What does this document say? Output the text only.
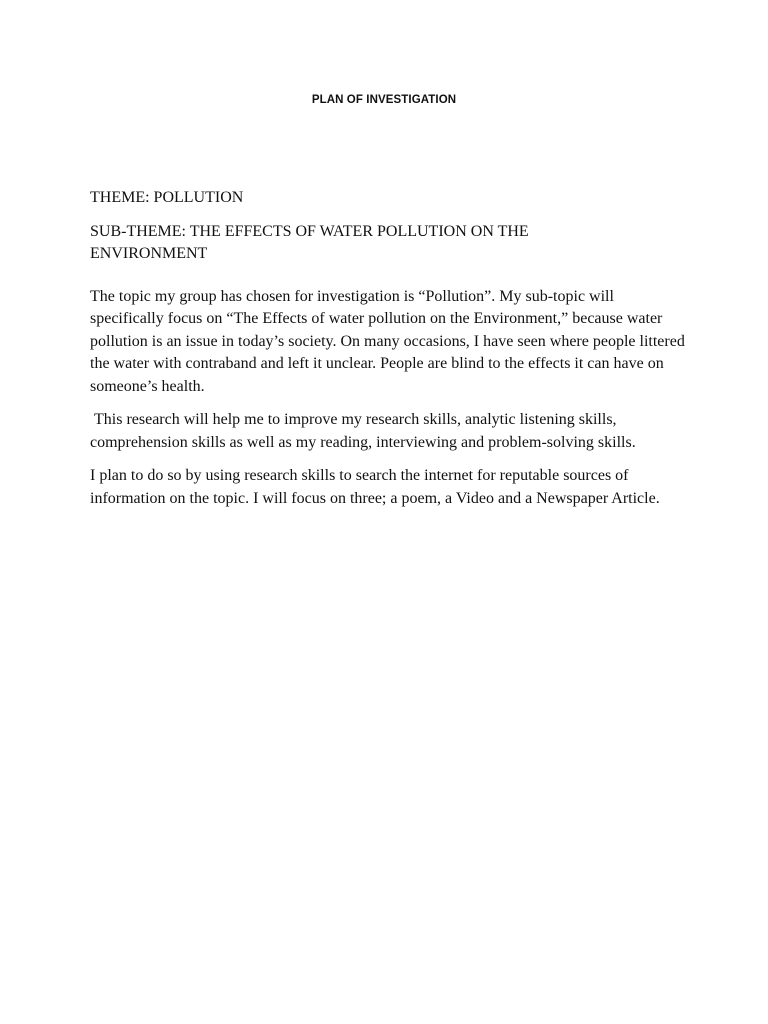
PLAN OF INVESTIGATION

THEME: POLLUTION

SUB-THEME: THE EFFECTS OF WATER POLLUTION ON THE ENVIRONMENT

The topic my group has chosen for investigation is “Pollution”. My sub-topic will specifically focus on “The Effects of water pollution on the Environment,” because water pollution is an issue in today’s society. On many occasions, I have seen where people littered the water with contraband and left it unclear. People are blind to the effects it can have on someone’s health.

This research will help me to improve my research skills, analytic listening skills, comprehension skills as well as my reading, interviewing and problem-solving skills.

I plan to do so by using research skills to search the internet for reputable sources of information on the topic. I will focus on three; a poem, a Video and a Newspaper Article.
